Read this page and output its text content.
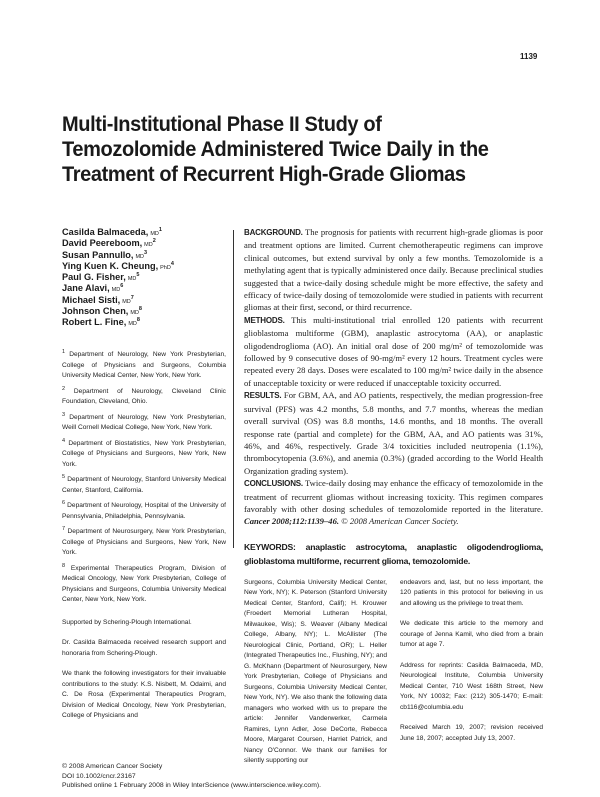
1139
Multi-Institutional Phase II Study of Temozolomide Administered Twice Daily in the Treatment of Recurrent High-Grade Gliomas
Casilda Balmaceda, $MD^1$
David Peereboom, $MD^2$
Susan Pannullo, $MD^3$
Ying Kuen K. Cheung, PhD$^4$
Paul G. Fisher, $MD^5$
Jane Alavi, $MD^6$
Michael Sisti, $MD^7$
Johnson Chen, $MD^8$
Robert L. Fine, $MD^8$
$^1$ Department of Neurology, New York Presbyterian, College of Physicians and Surgeons, Columbia University Medical Center, New York, New York.
$^2$ Department of Neurology, Cleveland Clinic Foundation, Cleveland, Ohio.
$^3$ Department of Neurology, New York Presbyterian, Weill Cornell Medical College, New York, New York.
$^4$ Department of Biostatistics, New York Presbyterian, College of Physicians and Surgeons, New York, New York.
$^5$ Department of Neurology, Stanford University Medical Center, Stanford, California.
$^6$ Department of Neurology, Hospital of the University of Pennsylvania, Philadelphia, Pennsylvania.
$^7$ Department of Neurosurgery, New York Presbyterian, College of Physicians and Surgeons, New York, New York.
$^8$ Experimental Therapeutics Program, Division of Medical Oncology, New York Presbyterian, College of Physicians and Surgeons, Columbia University Medical Center, New York, New York.

Supported by Schering-Plough International.

Dr. Casilda Balmaceda received research support and honoraria from Schering-Plough.

We thank the following investigators for their invaluable contributions to the study: K.S. Nisbett, M. Odaimi, and C. De Rosa (Experimental Therapeutics Program, Division of Medical Oncology, New York Presbyterian, College of Physicians and

BACKGROUND. The prognosis for patients with recurrent high-grade gliomas is poor and treatment options are limited. Current chemotherapeutic regimens can improve clinical outcomes, but extend survival by only a few months. Temozolomide is a methylating agent that is typically administered once daily. Because preclinical studies suggested that a twice-daily dosing schedule might be more effective, the safety and efficacy of twice-daily dosing of temozolomide were studied in patients with recurrent gliomas at their first, second, or third recurrence.

METHODS. This multi-institutional trial enrolled 120 patients with recurrent glioblastoma multiforme (GBM), anaplastic astrocytoma (AA), or anaplastic oligodendroglioma (AO). An initial oral dose of 200 mg/m² of temozolomide was followed by 9 consecutive doses of 90-mg/m² every 12 hours. Treatment cycles were repeated every 28 days. Doses were escalated to 100 mg/m² twice daily in the absence of unacceptable toxicity or were reduced if unacceptable toxicity occurred.

RESULTS. For GBM, AA, and AO patients, respectively, the median progression-free survival (PFS) was 4.2 months, 5.8 months, and 7.7 months, whereas the median overall survival (OS) was 8.8 months, 14.6 months, and 18 months. The overall response rate (partial and complete) for the GBM, AA, and AO patients was 31%, 46%, and 46%, respectively. Grade 3/4 toxicities included neutropenia (1.1%), thrombocytopenia (3.6%), and anemia (0.3%) (graded according to the World Health Organization grading system).

CONCLUSIONS. Twice-daily dosing may enhance the efficacy of temozolomide in the treatment of recurrent gliomas without increasing toxicity. This regimen compares favorably with other dosing schedules of temozolomide reported in the literature. Cancer 2008;112:1139–46. © 2008 American Cancer Society.

KEYWORDS: anaplastic astrocytoma, anaplastic oligodendroglioma, glioblastoma multiforme, recurrent glioma, temozolomide.

Surgeons, Columbia University Medical Center, New York, NY); K. Peterson (Stanford University Medical Center, Stanford, Calif); H. Krouwer (Froedert Memorial Lutheran Hospital, Milwaukee, Wis); S. Weaver (Albany Medical College, Albany, NY); L. McAllister (The Neurological Clinic, Portland, OR); L. Heller (Integrated Therapeutics Inc., Flushing, NY); and G. McKhann (Department of Neurosurgery, New York Presbyterian, College of Physicians and Surgeons, Columbia University Medical Center, New York, NY). We also thank the following data managers who worked with us to prepare the article: Jennifer Vanderwerker, Carmela Ramires, Lynn Adler, Jose DeCorte, Rebecca Moore, Margaret Coursen, Harriet Patrick, and Nancy O'Connor. We thank our families for silently supporting our

endeavors and, last, but no less important, the 120 patients in this protocol for believing in us and allowing us the privilege to treat them.

We dedicate this article to the memory and courage of Jenna Kamil, who died from a brain tumor at age 7.

Address for reprints: Casilda Balmaceda, MD, Neurological Institute, Columbia University Medical Center, 710 West 168th Street, New York, NY 10032; Fax: (212) 305-1470; E-mail: cb116@columbia.edu

Received March 19, 2007; revision received June 18, 2007; accepted July 13, 2007.

© 2008 American Cancer Society
DOI 10.1002/cncr.23167
Published online 1 February 2008 in Wiley InterScience (www.interscience.wiley.com).
